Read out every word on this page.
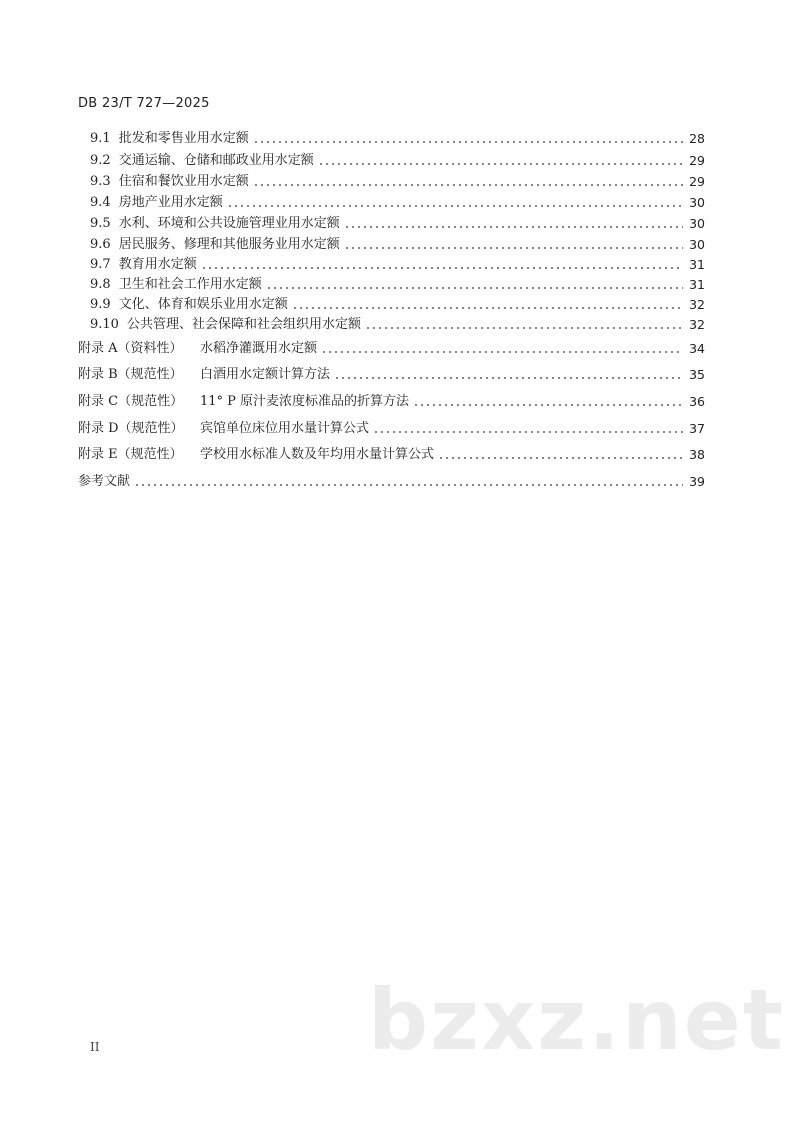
DB 23/T 727—2025
9.1 批发和零售业用水定额	28
9.2 交通运输、仓储和邮政业用水定额	29
9.3 住宿和餐饮业用水定额	29
9.4 房地产业用水定额	30
9.5 水利、环境和公共设施管理业用水定额	30
9.6 居民服务、修理和其他服务业用水定额	30
9.7 教育用水定额	31
9.8 卫生和社会工作用水定额	31
9.9 文化、体育和娱乐业用水定额	32
9.10 公共管理、社会保障和社会组织用水定额	32
附录 A（资料性）	水稻净灌溉用水定额	34
附录 B（规范性）	白酒用水定额计算方法	35
附录 C（规范性）	11° P 原汁麦浓度标准品的折算方法	36
附录 D（规范性）	宾馆单位床位用水量计算公式	37
附录 E（规范性）	学校用水标准人数及年均用水量计算公式	38
参考文献	39
bzxz.net
II
